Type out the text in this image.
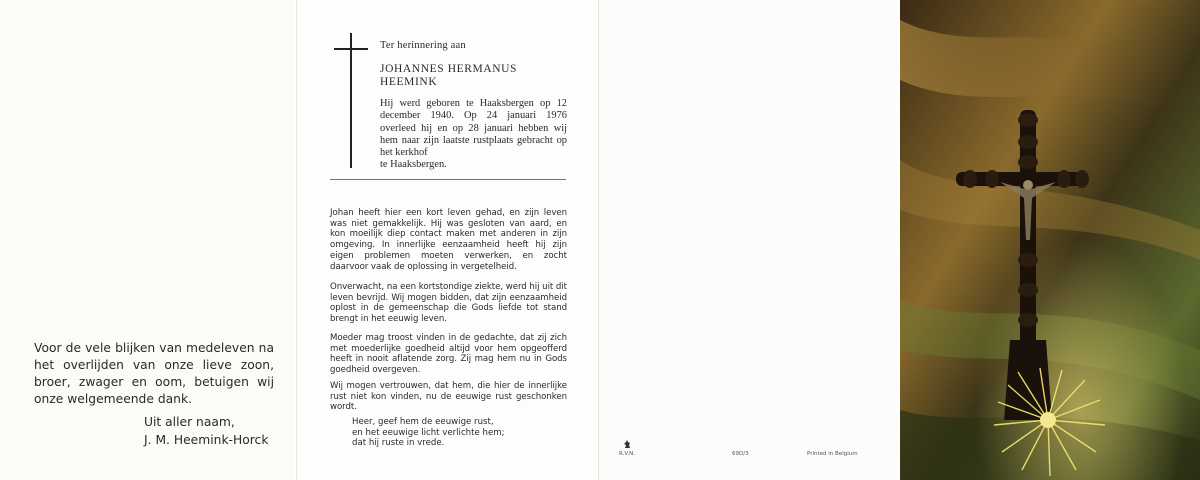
Voor de vele blijken van medeleven na het overlijden van onze lieve zoon, broer, zwager en oom, betuigen wij onze welgemeende dank.

Uit aller naam,
J. M. Heemink-Horck
Ter herinnering aan
JOHANNES HERMANUS
HEEMINK

Hij werd geboren te Haaksbergen op 12 december 1940. Op 24 januari 1976 overleed hij en op 28 januari hebben wij hem naar zijn laatste rustplaats gebracht op het kerkhof

te Haaksbergen.

Johan heeft hier een kort leven gehad, en zijn leven was niet gemakkelijk. Hij was gesloten van aard, en kon moeilijk diep contact maken met anderen in zijn omgeving. In innerlijke eenzaamheid heeft hij zijn eigen problemen moeten verwerken, en zocht daarvoor vaak de oplossing in vergetelheid.

Onverwacht, na een kortstondige ziekte, werd hij uit dit leven bevrijd. Wij mogen bidden, dat zijn eenzaamheid oplost in de gemeenschap die Gods liefde tot stand brengt in het eeuwig leven.

Moeder mag troost vinden in de gedachte, dat zij zich met moederlijke goedheid altijd voor hem opgeofferd heeft in nooit aflatende zorg. Zij mag hem nu in Gods goedheid overgeven.

Wij mogen vertrouwen, dat hem, die hier de innerlijke rust niet kon vinden, nu de eeuwige rust geschonken wordt.

Heer, geef hem de eeuwige rust,
en het eeuwige licht verlichte hem;
dat hij ruste in vrede.
R.V.N.	69D/3	Printed in Belgium
